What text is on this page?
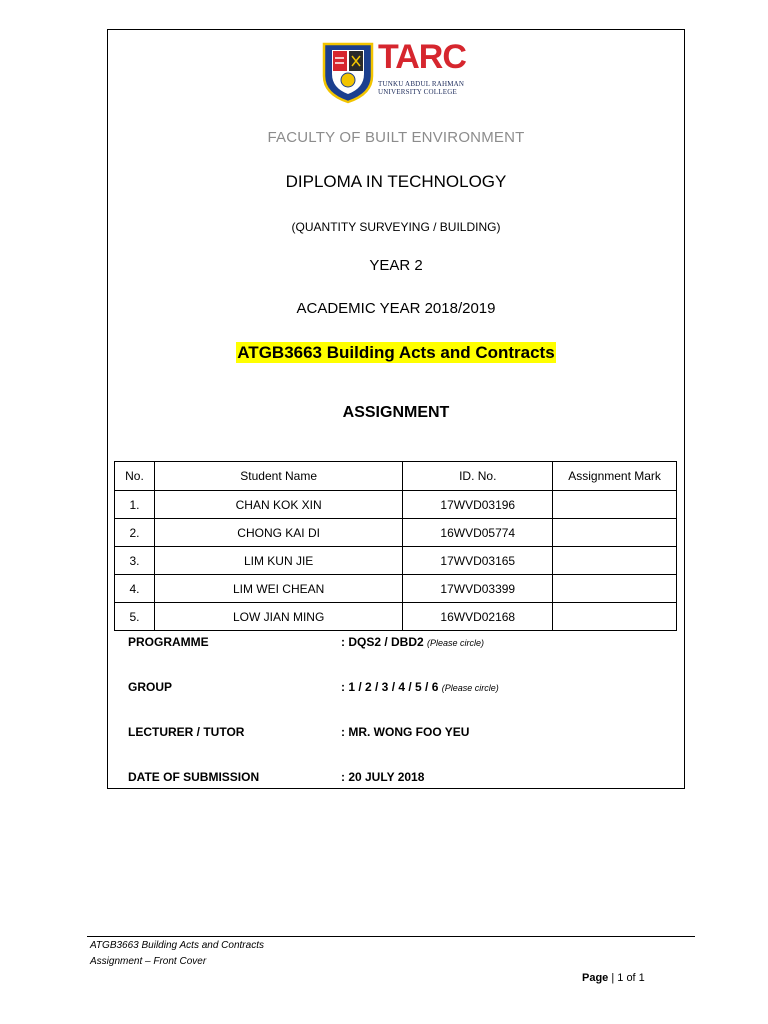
TARC
TUNKU ABDUL RAHMAN
UNIVERSITY COLLEGE
FACULTY OF BUILT ENVIRONMENT
DIPLOMA IN TECHNOLOGY
(QUANTITY SURVEYING / BUILDING)
YEAR 2
ACADEMIC YEAR 2018/2019
ATGB3663 Building Acts and Contracts
ASSIGNMENT
No.	Student Name	ID. No.	Assignment Mark
1.	CHAN KOK XIN	17WVD03196	
2.	CHONG KAI DI	16WVD05774	
3.	LIM KUN JIE	17WVD03165	
4.	LIM WEI CHEAN	17WVD03399	
5.	LOW JIAN MING	16WVD02168	
PROGRAMME	: DQS2 / DBD2 (Please circle)
GROUP	: 1 / 2 / 3 / 4 / 5 / 6 (Please circle)
LECTURER / TUTOR	: MR. WONG FOO YEU
DATE OF SUBMISSION	: 20 JULY 2018
ATGB3663 Building Acts and Contracts
Assignment – Front Cover
Page | 1 of 1
